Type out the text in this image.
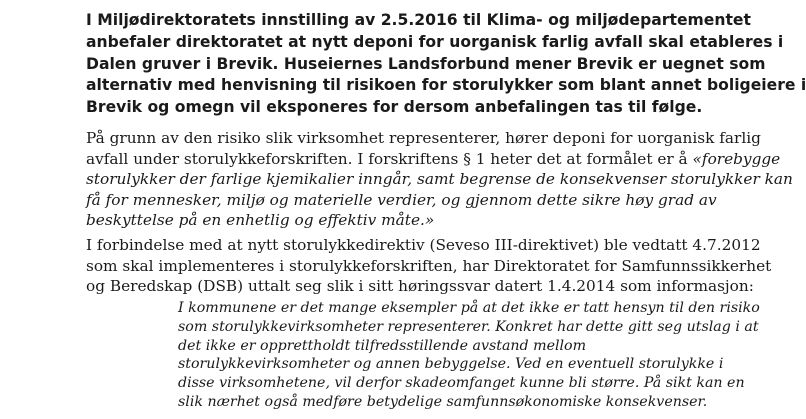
I Miljødirektoratets innstilling av 2.5.2016 til Klima- og miljødepartementet
anbefaler direktoratet at nytt deponi for uorganisk farlig avfall skal etableres i
Dalen gruver i Brevik. Huseiernes Landsforbund mener Brevik er uegnet som
alternativ med henvisning til risikoen for storulykker som blant annet boligeiere i
Brevik og omegn vil eksponeres for dersom anbefalingen tas til følge.

På grunn av den risiko slik virksomhet representerer, hører deponi for uorganisk farlig
avfall under storulykkeforskriften. I forskriftens § 1 heter det at formålet er å «forebygge
storulykker der farlige kjemikalier inngår, samt begrense de konsekvenser storulykker kan
få for mennesker, miljø og materielle verdier, og gjennom dette sikre høy grad av
beskyttelse på en enhetlig og effektiv måte.»

I forbindelse med at nytt storulykkedirektiv (Seveso III-direktivet) ble vedtatt 4.7.2012
som skal implementeres i storulykkeforskriften, har Direktoratet for Samfunnssikkerhet
og Beredskap (DSB) uttalt seg slik i sitt høringssvar datert 1.4.2014 som informasjon:

I kommunene er det mange eksempler på at det ikke er tatt hensyn til den risiko
som storulykkevirksomheter representerer. Konkret har dette gitt seg utslag i at
det ikke er opprettholdt tilfredsstillende avstand mellom
storulykkevirksomheter og annen bebyggelse. Ved en eventuell storulykke i
disse virksomhetene, vil derfor skadeomfanget kunne bli større. På sikt kan en
slik nærhet også medføre betydelige samfunnsøkonomiske konsekvenser.
